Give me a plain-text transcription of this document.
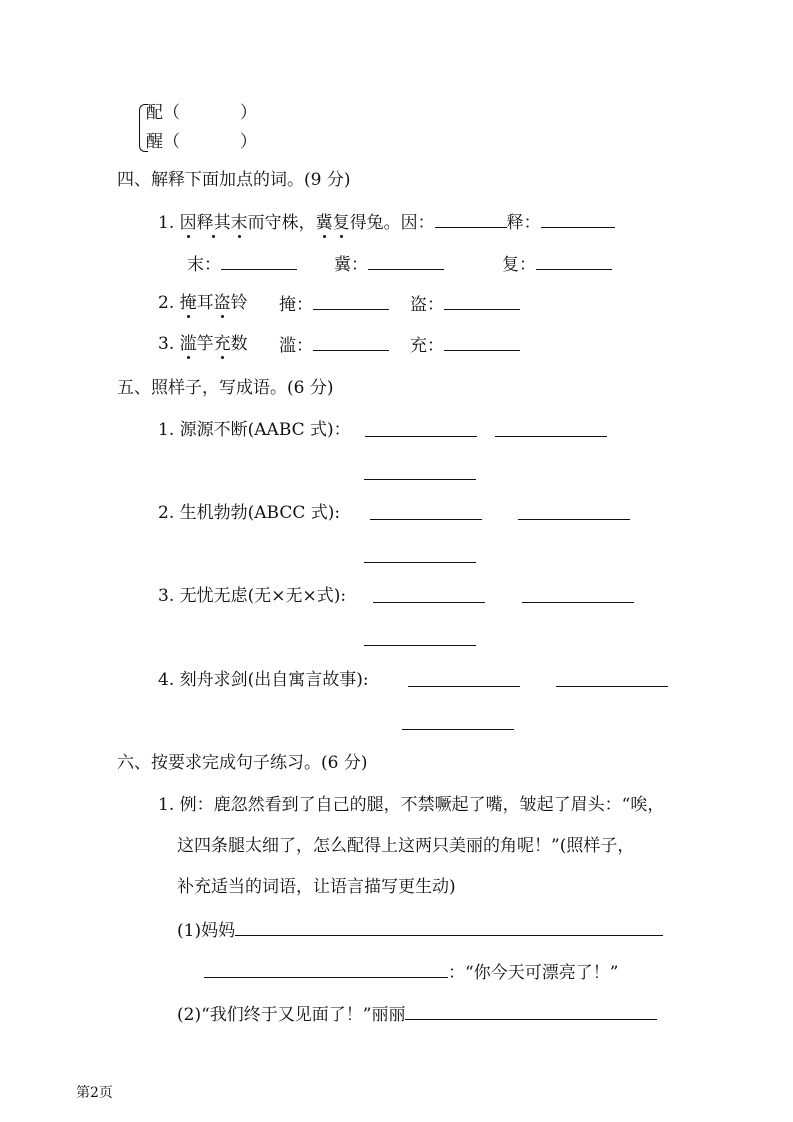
配（	）
醒（	）
四、解释下面加点的词。(9 分)
1. 因释其末而守株，冀复得兔。因：	释：
末：	冀：	复：
2. 掩耳盗铃 掩：	盗：
3. 滥竽充数 滥：	充：
五、照样子，写成语。(6 分)
1. 源源不断(AABC 式)：
2. 生机勃勃(ABCC 式):
3. 无忧无虑(无×无×式):
4. 刻舟求剑(出自寓言故事):
六、按要求完成句子练习。(6 分)
1. 例：鹿忽然看到了自己的腿，不禁噘起了嘴，皱起了眉头：“唉，
这四条腿太细了，怎么配得上这两只美丽的角呢！”(照样子，
补充适当的词语，让语言描写更生动)
(1)妈妈
：“你今天可漂亮了！”
(2)“我们终于又见面了！”丽丽
第2页
